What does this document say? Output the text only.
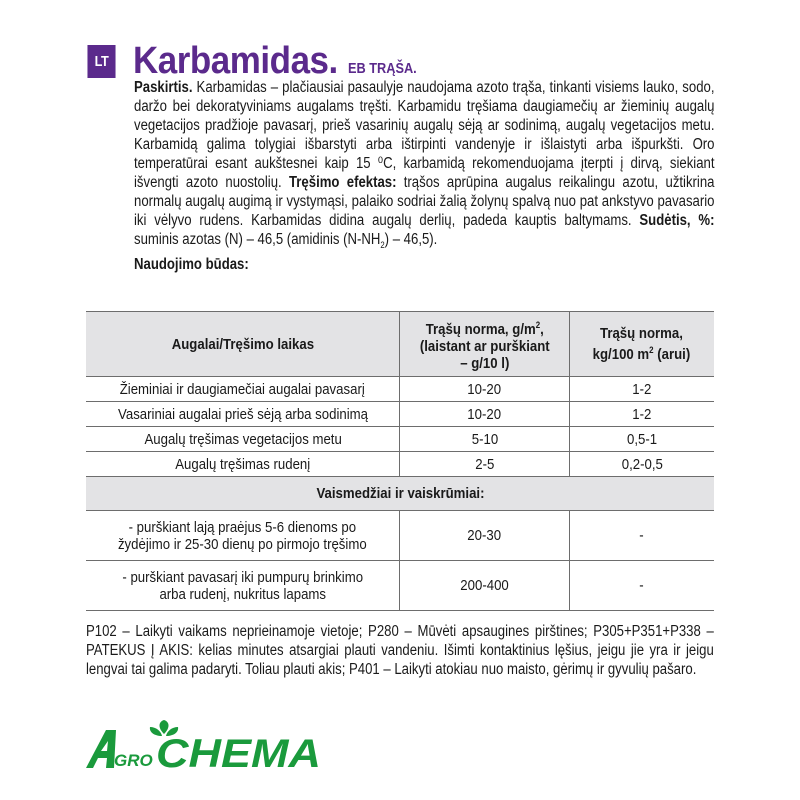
LT Karbamidas. EB TRĄŠA.
Paskirtis. Karbamidas – plačiausiai pasaulyje naudojama azoto trąša, tinkanti visiems lauko, sodo, daržo bei dekoratyviniams augalams tręšti. Karbamidu tręšiama daugiamečių ar žieminių augalų vegetacijos pradžioje pavasarį, prieš vasarinių augalų sėją ar sodinimą, augalų vegetacijos metu. Karbamidą galima tolygiai išbarstyti arba ištirpinti vandenyje ir išlaistyti arba išpurkšti. Oro temperatūrai esant aukštesnei kaip 15 ⁰C, karbamidą rekomenduojama įterpti į dirvą, siekiant išvengti azoto nuostolių. Tręšimo efektas: trąšos aprūpina augalus reikalingu azotu, užtikrina normalų augalų augimą ir vystymąsi, palaiko sodriai žalią žolynų spalvą nuo pat ankstyvo pavasario iki vėlyvo rudens. Karbamidas didina augalų derlių, padeda kauptis baltymams. Sudėtis, %: suminis azotas (N) – 46,5 (amidinis $(N-NH_2) - 46,5$).
Naudojimo būdas:
Augalai/Tręšimo laikas	Trąšų norma, $g/m^2$,
(laistant ar purškiant
– g/10 l)	Trąšų norma,
kg/100 $m^2$ (arui)
Žieminiai ir daugiamečiai augalai pavasarį	10-20	1-2
Vasariniai augalai prieš sėją arba sodinimą	10-20	1-2
Augalų tręšimas vegetacijos metu	5-10	0,5-1
Augalų tręšimas rudenį	2-5	0,2-0,5
Vaismedžiai ir vaiskrūmiai:		
- purškiant lają praėjus 5-6 dienoms po
žydėjimo ir 25-30 dienų po pirmojo tręšimo	20-30	-
- purškiant pavasarį iki pumpurų brinkimo
arba rudenį, nukritus lapams	200-400	-
P102 – Laikyti vaikams neprieinamoje vietoje; P280 – Mūvėti apsaugines pirštines; P305+P351+P338 – PATEKUS Į AKIS: kelias minutes atsargiai plauti vandeniu. Išimti kontaktinius lęšius, jeigu jie yra ir jeigu lengvai tai galima padaryti. Toliau plauti akis; P401 – Laikyti atokiau nuo maisto, gėrimų ir gyvulių pašaro.
GRO CHEMA
